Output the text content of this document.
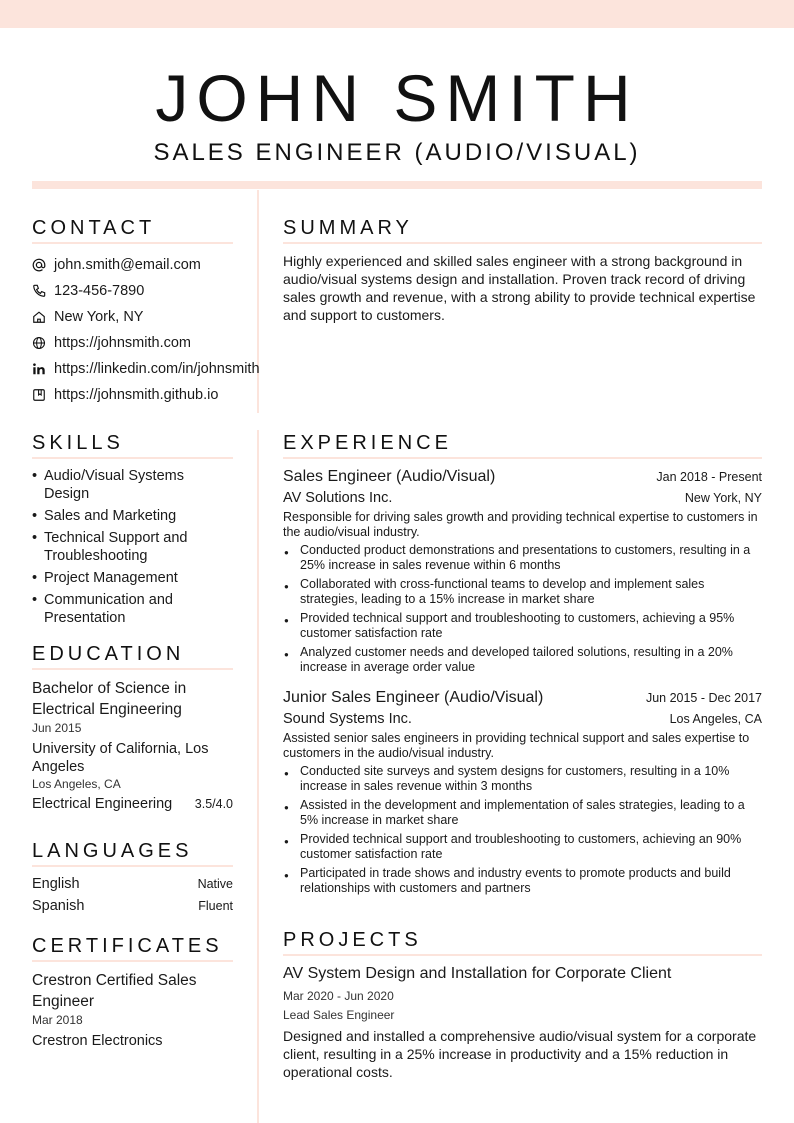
JOHN SMITH
SALES ENGINEER (AUDIO/VISUAL)
CONTACT
john.smith@email.com
123-456-7890
New York, NY
https://johnsmith.com
https://linkedin.com/in/johnsmith
https://johnsmith.github.io
SUMMARY
Highly experienced and skilled sales engineer with a strong background in audio/visual systems design and installation. Proven track record of driving sales growth and revenue, with a strong ability to provide technical expertise and support to customers.
SKILLS
• Audio/Visual Systems Design
• Sales and Marketing
• Technical Support and Troubleshooting
• Project Management
• Communication and Presentation
EDUCATION
Bachelor of Science in Electrical Engineering
Jun 2015
University of California, Los Angeles
Los Angeles, CA
Electrical Engineering 3.5/4.0
LANGUAGES
English	Native
Spanish	Fluent
CERTIFICATES
Crestron Certified Sales Engineer
Mar 2018
Crestron Electronics
EXPERIENCE
Sales Engineer (Audio/Visual)	Jan 2018 - Present
AV Solutions Inc.	New York, NY
Responsible for driving sales growth and providing technical expertise to customers in the audio/visual industry.
● Conducted product demonstrations and presentations to customers, resulting in a 25% increase in sales revenue within 6 months
● Collaborated with cross-functional teams to develop and implement sales strategies, leading to a 15% increase in market share
● Provided technical support and troubleshooting to customers, achieving a 95% customer satisfaction rate
● Analyzed customer needs and developed tailored solutions, resulting in a 20% increase in average order value
Junior Sales Engineer (Audio/Visual)	Jun 2015 - Dec 2017
Sound Systems Inc.	Los Angeles, CA
Assisted senior sales engineers in providing technical support and sales expertise to customers in the audio/visual industry.
● Conducted site surveys and system designs for customers, resulting in a 10% increase in sales revenue within 3 months
● Assisted in the development and implementation of sales strategies, leading to a 5% increase in market share
● Provided technical support and troubleshooting to customers, achieving an 90% customer satisfaction rate
● Participated in trade shows and industry events to promote products and build relationships with customers and partners
PROJECTS
AV System Design and Installation for Corporate Client
Mar 2020 - Jun 2020
Lead Sales Engineer
Designed and installed a comprehensive audio/visual system for a corporate client, resulting in a 25% increase in productivity and a 15% reduction in operational costs.
